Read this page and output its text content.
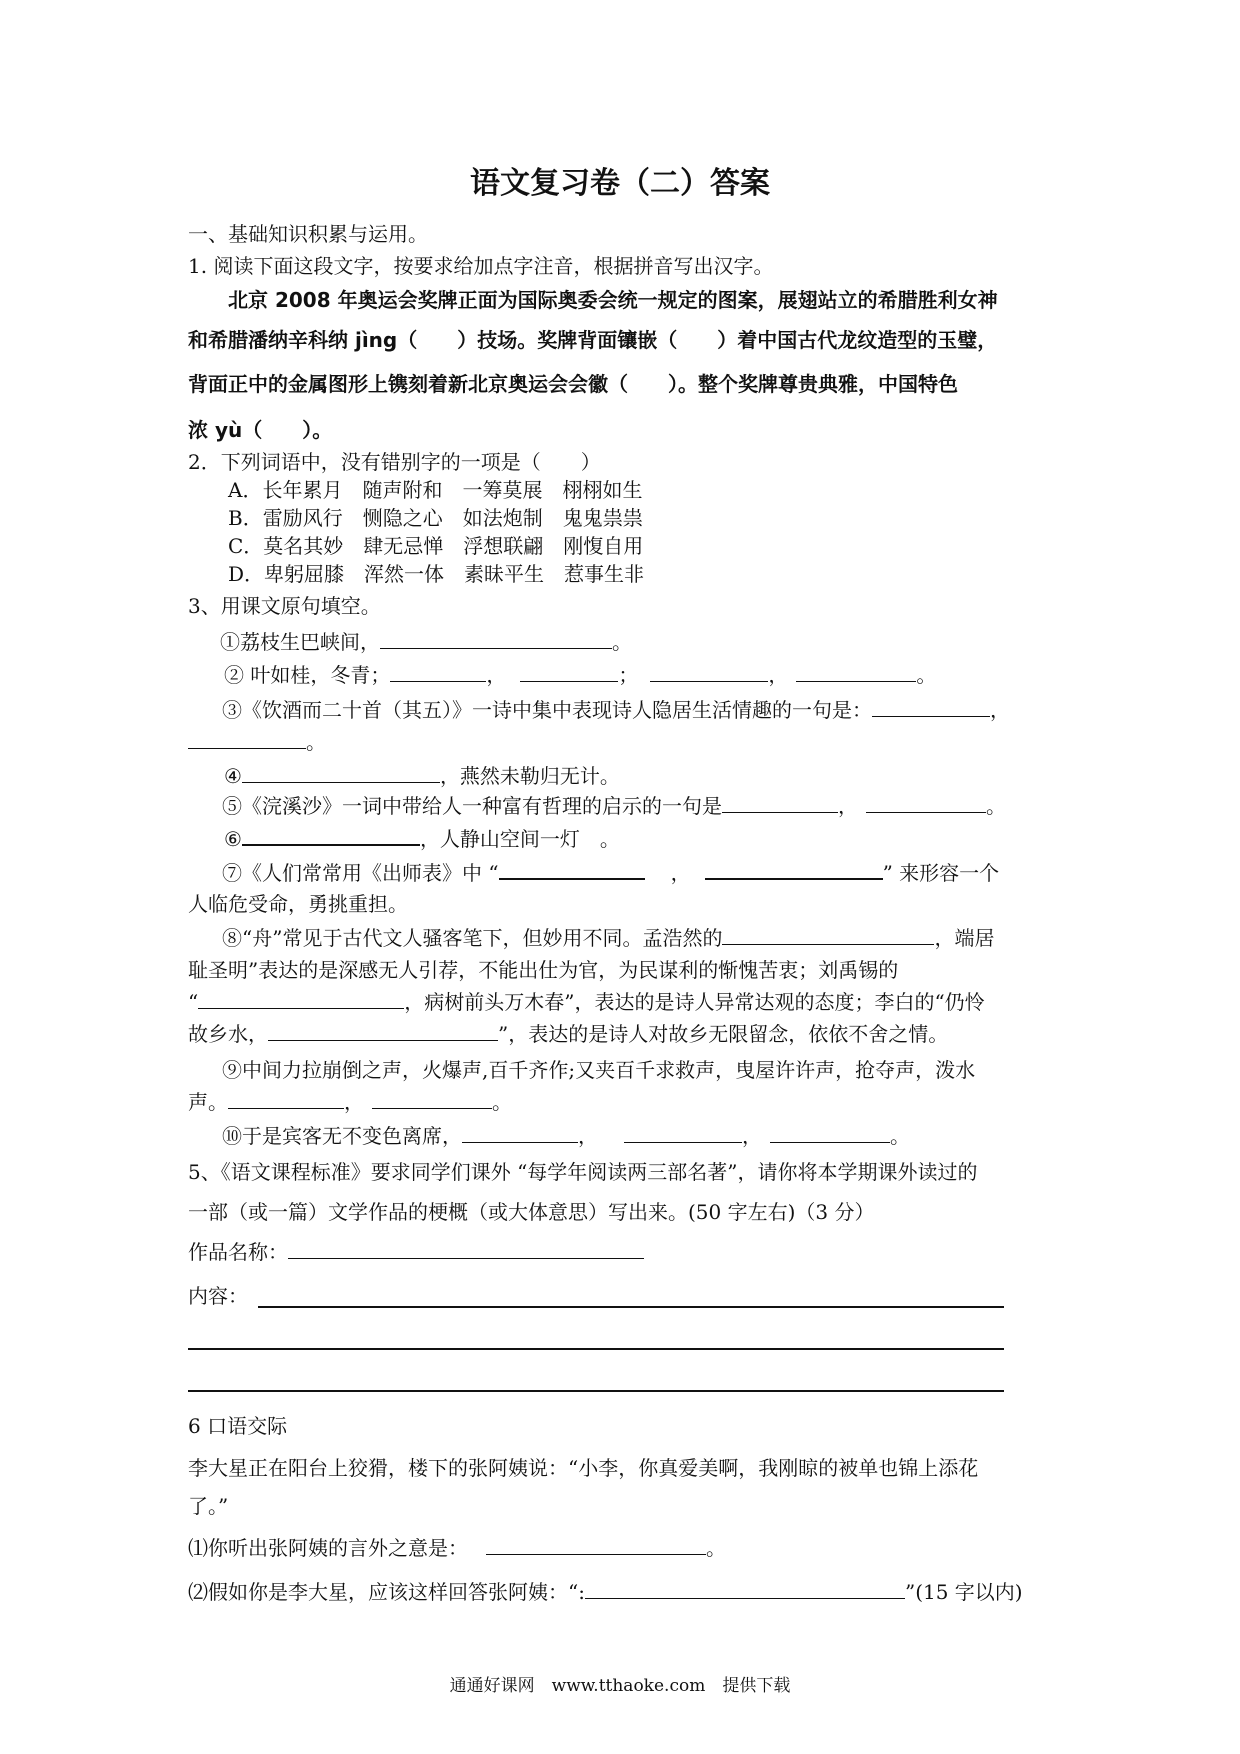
语文复习卷（二）答案
一、基础知识积累与运用。
1. 阅读下面这段文字，按要求给加点字注音，根据拼音写出汉字。
北京 2008 年奥运会奖牌正面为国际奥委会统一规定的图案，展翅站立的希腊胜利女神
和希腊潘纳辛科纳 jìng（　　）技场。奖牌背面镶嵌（　　）着中国古代龙纹造型的玉璧，
背面正中的金属图形上镌刻着新北京奥运会会徽（　　）。整个奖牌尊贵典雅，中国特色
浓 yù（　　）。
2．下列词语中，没有错别字的一项是（　　）
A．长年累月　随声附和　一筹莫展　栩栩如生
B．雷励风行　恻隐之心　如法炮制　鬼鬼祟祟
C．莫名其妙　肆无忌惮　浮想联翩　刚愎自用
D．卑躬屈膝　浑然一体　素昧平生　惹事生非
3、用课文原句填空。
①荔枝生巴峡间，	。
② 叶如桂，冬青；	，	；	，	。
③《饮酒而二十首（其五）》一诗中集中表现诗人隐居生活情趣的一句是：	，
。
④	，燕然未勒归无计。
⑤《浣溪沙》一词中带给人一种富有哲理的启示的一句是	，	。
⑥	，人静山空间一灯　。
⑦《人们常常用《出师表》中 “	，	” 来形容一个
人临危受命，勇挑重担。
⑧“舟”常见于古代文人骚客笔下，但妙用不同。孟浩然的	，端居
耻圣明”表达的是深感无人引荐，不能出仕为官，为民谋利的惭愧苦衷；刘禹锡的
“	，病树前头万木春”，表达的是诗人异常达观的态度；李白的“仍怜
故乡水，	”，表达的是诗人对故乡无限留念，依依不舍之情。
⑨中间力拉崩倒之声，火爆声,百千齐作;又夹百千求救声，曳屋许许声，抢夺声，泼水
声。	，	。
⑩于是宾客无不变色离席，	，	，	。
5、《语文课程标准》要求同学们课外 “每学年阅读两三部名著”，请你将本学期课外读过的
一部（或一篇）文学作品的梗概（或大体意思）写出来。(50 字左右)（3 分）
作品名称：
内容：
6 口语交际
李大星正在阳台上狡猾，楼下的张阿姨说：“小李，你真爱美啊，我刚晾的被单也锦上添花
了。”
⑴你听出张阿姨的言外之意是：	。
⑵假如你是李大星，应该这样回答张阿姨：“:	”(15 字以内)
通通好课网　www.tthaoke.com　提供下载
